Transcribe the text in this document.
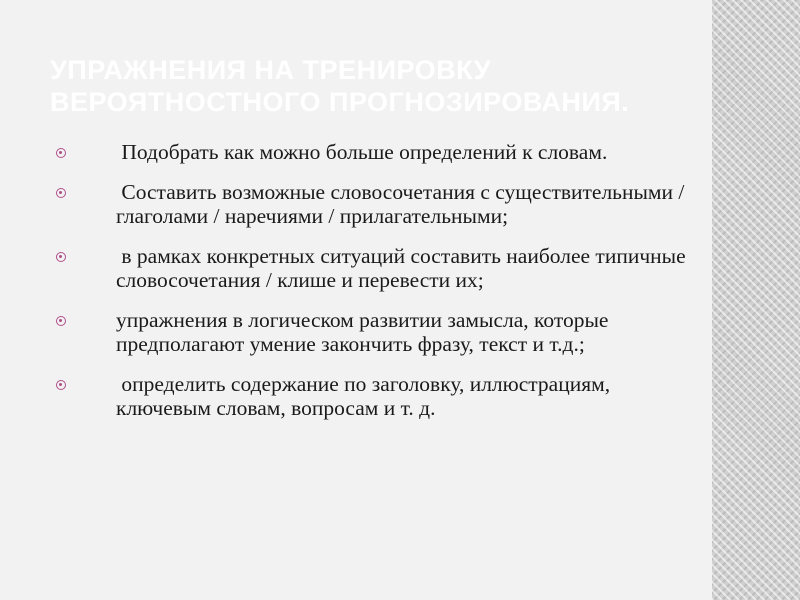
УПРАЖНЕНИЯ НА ТРЕНИРОВКУ ВЕРОЯТНОСТНОГО ПРОГНОЗИРОВАНИЯ.
Подобрать как можно больше определений к словам.
Составить возможные словосочетания с существительными / глаголами / наречиями / прилагательными;
в рамках конкретных ситуаций составить наиболее типичные словосочетания / клише и перевести их;
упражнения в логическом развитии замысла, которые предполагают умение закончить фразу, текст и т.д.;
определить содержание по заголовку, иллюстрациям, ключевым словам, вопросам и т. д.
